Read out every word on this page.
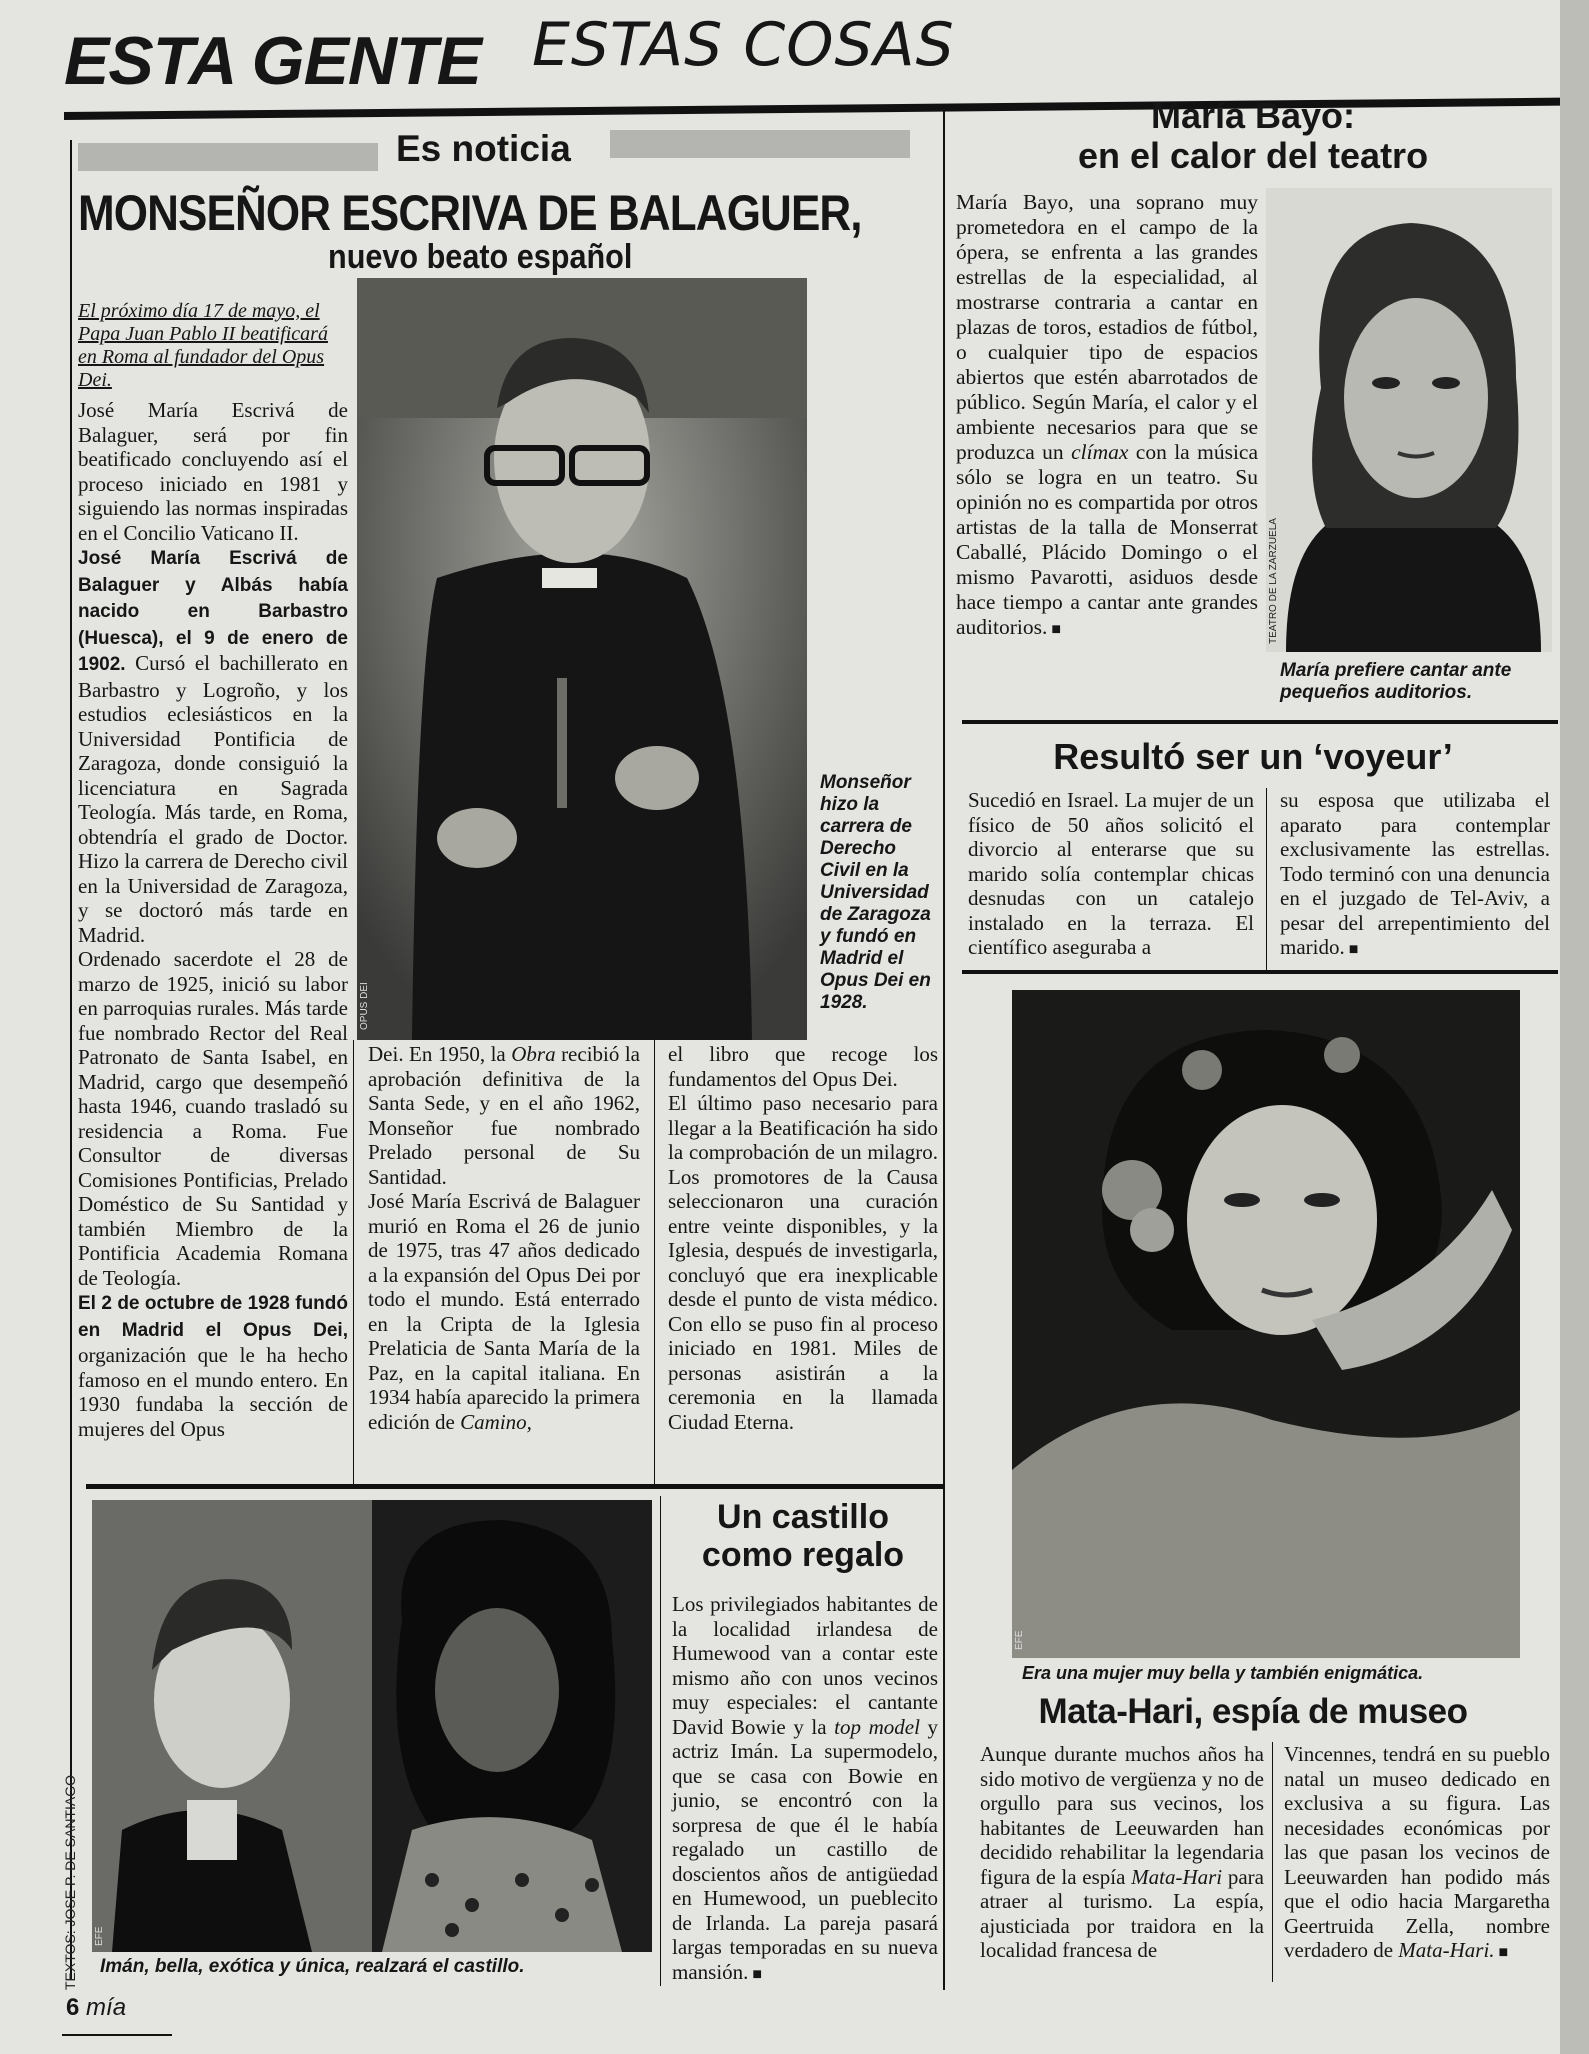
ESTA GENTE ESTAS COSAS
Es noticia
MONSEÑOR ESCRIVA DE BALAGUER,
nuevo beato español
El próximo día 17 de mayo, el Papa Juan Pablo II beatificará en Roma al fundador del Opus Dei.

José María Escrivá de Balaguer, será por fin beatificado concluyendo así el proceso iniciado en 1981 y siguiendo las normas inspiradas en el Concilio Vaticano II.

José María Escrivá de Balaguer y Albás había nacido en Barbastro (Huesca), el 9 de enero de 1902. Cursó el bachillerato en Barbastro y Logroño, y los estudios eclesiásticos en la Universidad Pontificia de Zaragoza, donde consiguió la licenciatura en Sagrada Teología. Más tarde, en Roma, obtendría el grado de Doctor. Hizo la carrera de Derecho civil en la Universidad de Zaragoza, y se doctoró más tarde en Madrid.

Ordenado sacerdote el 28 de marzo de 1925, inició su labor en parroquias rurales. Más tarde fue nombrado Rector del Real Patronato de Santa Isabel, en Madrid, cargo que desempeñó hasta 1946, cuando trasladó su residencia a Roma. Fue Consultor de diversas Comisiones Pontificias, Prelado Doméstico de Su Santidad y también Miembro de la Pontificia Academia Romana de Teología.

El 2 de octubre de 1928 fundó en Madrid el Opus Dei, organización que le ha hecho famoso en el mundo entero. En 1930 fundaba la sección de mujeres del Opus

OPUS DEI
Monseñor hizo la carrera de Derecho Civil en la Universidad de Zaragoza y fundó en Madrid el Opus Dei en 1928.

Dei. En 1950, la Obra recibió la aprobación definitiva de la Santa Sede, y en el año 1962, Monseñor fue nombrado Prelado personal de Su Santidad.

José María Escrivá de Balaguer murió en Roma el 26 de junio de 1975, tras 47 años dedicado a la expansión del Opus Dei por todo el mundo. Está enterrado en la Cripta de la Iglesia Prelaticia de Santa María de la Paz, en la capital italiana. En 1934 había aparecido la primera edición de Camino,

el libro que recoge los fundamentos del Opus Dei.

El último paso necesario para llegar a la Beatificación ha sido la comprobación de un milagro. Los promotores de la Causa seleccionaron una curación entre veinte disponibles, y la Iglesia, después de investigarla, concluyó que era inexplicable desde el punto de vista médico. Con ello se puso fin al proceso iniciado en 1981. Miles de personas asistirán a la ceremonia en la llamada Ciudad Eterna.

EFE
Imán, bella, exótica y única, realzará el castillo.
Un castillo
como regalo

Los privilegiados habitantes de la localidad irlandesa de Humewood van a contar este mismo año con unos vecinos muy especiales: el cantante David Bowie y la top model y actriz Imán. La supermodelo, que se casa con Bowie en junio, se encontró con la sorpresa de que él le había regalado un castillo de doscientos años de antigüedad en Humewood, un pueblecito de Irlanda. La pareja pasará largas temporadas en su nueva mansión. ■

María Bayo:
en el calor del teatro

María Bayo, una soprano muy prometedora en el campo de la ópera, se enfrenta a las grandes estrellas de la especialidad, al mostrarse contraria a cantar en plazas de toros, estadios de fútbol, o cualquier tipo de espacios abiertos que estén abarrotados de público. Según María, el calor y el ambiente necesarios para que se produzca un clímax con la música sólo se logra en un teatro. Su opinión no es compartida por otros artistas de la talla de Monserrat Caballé, Plácido Domingo o el mismo Pavarotti, asiduos desde hace tiempo a cantar ante grandes auditorios. ■	TEATRO DE LA ZARZUELA
María prefiere cantar ante pequeños auditorios.
Resultó ser un ‘voyeur’
Sucedió en Israel. La mujer de un físico de 50 años solicitó el divorcio al enterarse que su marido solía contemplar chicas desnudas con un catalejo instalado en la terraza. El científico aseguraba a
su esposa que utilizaba el aparato para contemplar exclusivamente las estrellas. Todo terminó con una denuncia en el juzgado de Tel-Aviv, a pesar del arrepentimiento del marido. ■
EFE
Era una mujer muy bella y también enigmática.
Mata-Hari, espía de museo

Aunque durante muchos años ha sido motivo de vergüenza y no de orgullo para sus vecinos, los habitantes de Leeuwarden han decidido rehabilitar la legendaria figura de la espía Mata-Hari para atraer al turismo. La espía, ajusticiada por traidora en la localidad francesa de

Vincennes, tendrá en su pueblo natal un museo dedicado en exclusiva a su figura. Las necesidades económicas por las que pasan los vecinos de Leeuwarden han podido más que el odio hacia Margaretha Geertruida Zella, nombre verdadero de Mata-Hari. ■

TEXTOS: JOSE P. DE SANTIAGO
6 mía
